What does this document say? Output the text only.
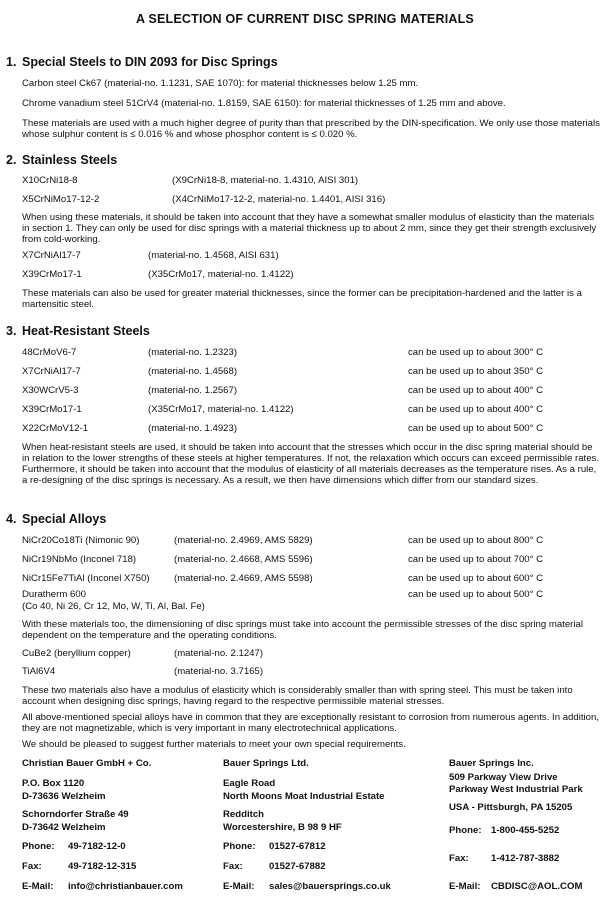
A SELECTION OF CURRENT DISC SPRING MATERIALS
1. Special Steels to DIN 2093 for Disc Springs
Carbon steel Ck67 (material-no. 1.1231, SAE 1070): for material thicknesses below 1.25 mm.
Chrome vanadium steel 51CrV4 (material-no. 1.8159, SAE 6150): for material thicknesses of 1.25 mm and above.
These materials are used with a much higher degree of purity than that prescribed by the DIN-specification. We only use those materials whose sulphur content is ≤ 0.016 % and whose phosphor content is ≤ 0.020 %.
2. Stainless Steels
X10CrNi18-8	(X9CrNi18-8, material-no. 1.4310, AISI 301)
X5CrNiMo17-12-2	(X4CrNiMo17-12-2, material-no. 1.4401, AISI 316)
When using these materials, it should be taken into account that they have a somewhat smaller modulus of elasticity than the materials in section 1. They can only be used for disc springs with a material thickness up to about 2 mm, since they get their strength exclusively from cold-working.
X7CrNiAl17-7	(material-no. 1.4568, AISI 631)
X39CrMo17-1	(X35CrMo17, material-no. 1.4122)
These materials can also be used for greater material thicknesses, since the former can be precipitation-hardened and the latter is a martensitic steel.
3. Heat-Resistant Steels
48CrMoV6-7	(material-no. 1.2323)	can be used up to about 300° C
X7CrNiAl17-7	(material-no. 1.4568)	can be used up to about 350° C
X30WCrV5-3	(material-no. 1.2567)	can be used up to about 400° C
X39CrMo17-1	(X35CrMo17, material-no. 1.4122)	can be used up to about 400° C
X22CrMoV12-1	(material-no. 1.4923)	can be used up to about 500° C
When heat-resistant steels are used, it should be taken into account that the stresses which occur in the disc spring material should be in relation to the lower strengths of these steels at higher temperatures. If not, the relaxation which occurs can exceed permissible rates. Furthermore, it should be taken into account that the modulus of elasticity of all materials decreases as the temperature rises. As a rule, a re-designing of the disc springs is necessary. As a result, we then have dimensions which differ from our standard sizes.
4. Special Alloys
NiCr20Co18Ti (Nimonic 90)	(material-no. 2.4969, AMS 5829)	can be used up to about 800° C
NiCr19NbMo (Inconel 718)	(material-no. 2.4668, AMS 5596)	can be used up to about 700° C
NiCr15Fe7TiAl (Inconel X750)	(material-no. 2.4669, AMS 5598)	can be used up to about 600° C
Duratherm 600	can be used up to about 500° C
(Co 40, Ni 26, Cr 12, Mo, W, Ti, Al, Bal. Fe)
With these materials too, the dimensioning of disc springs must take into account the permissible stresses of the disc spring material dependent on the temperature and the operating conditions.
CuBe2 (beryllium copper)	(material-no. 2.1247)
TiAl6V4	(material-no. 3.7165)
These two materials also have a modulus of elasticity which is considerably smaller than with spring steel. This must be taken into account when designing disc springs, having regard to the respective permissible material stresses.
All above-mentioned special alloys have in common that they are exceptionally resistant to corrosion from numerous agents. In addition, they are not magnetizable, which is very important in many electrotechnical applications.
We should be pleased to suggest further materials to meet your own special requirements.
Christian Bauer GmbH + Co.
P.O. Box 1120
D-73636 Welzheim
Schorndorfer Straße 49
D-73642 Welzheim
Phone: 49-7182-12-0
Fax:	49-7182-12-315
E-Mail: info@christianbauer.com
Bauer Springs Ltd.
Eagle Road
North Moons Moat Industrial Estate
Redditch
Worcestershire, B 98 9 HF
Phone: 01527-67812
Fax:	01527-67882
E-Mail: sales@bauersprings.co.uk
Bauer Springs Inc.
509 Parkway View Drive
Parkway West Industrial Park
USA - Pittsburgh, PA 15205
Phone: 1-800-455-5252
Fax: 1-412-787-3882
E-Mail: CBDISC@AOL.COM
